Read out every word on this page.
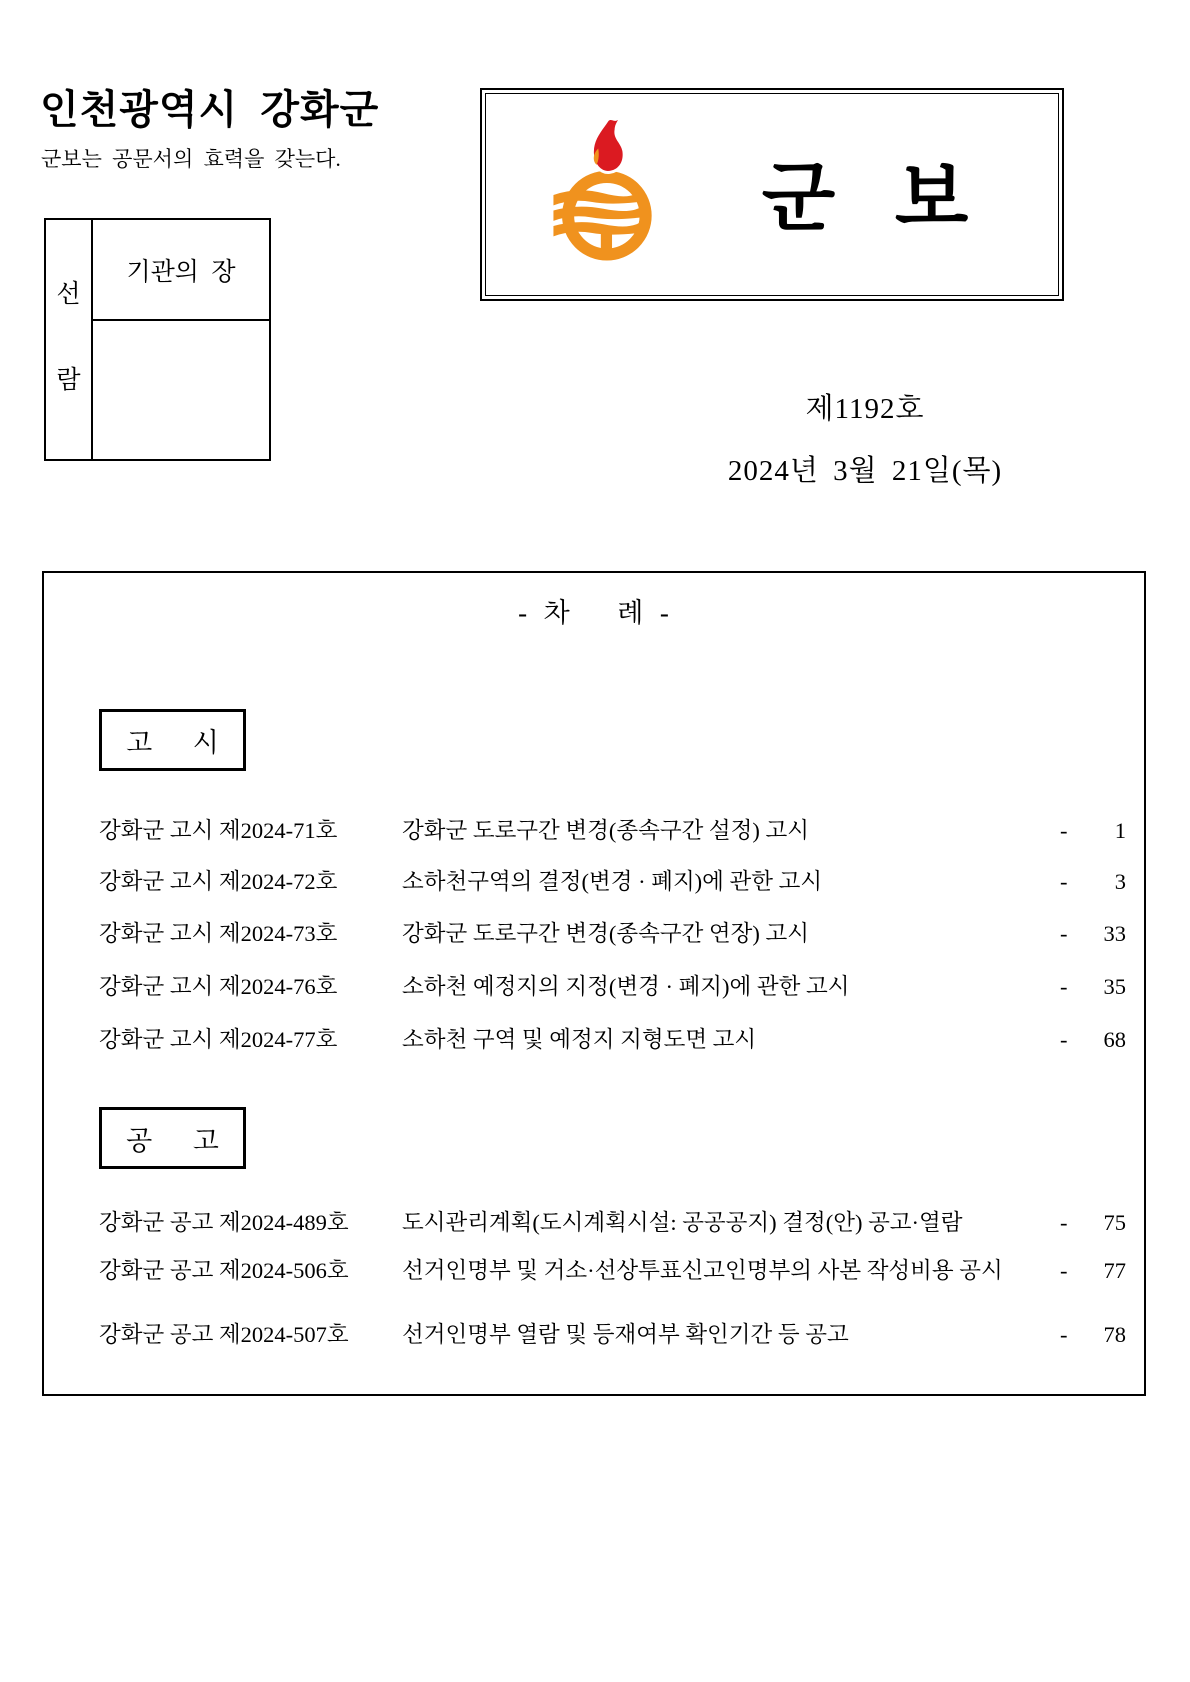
인천광역시 강화군
군보는 공문서의 효력을 갖는다.
선
람
기관의  장
군 보
제1192호
2024년 3월 21일(목)
-  차      례  -
고      시
강화군 고시 제2024-71호	강화군 도로구간 변경(종속구간 설정) 고시	- 1
강화군 고시 제2024-72호	소하천구역의 결정(변경 · 폐지)에 관한 고시	- 3
강화군 고시 제2024-73호	강화군 도로구간 변경(종속구간 연장) 고시	- 33
강화군 고시 제2024-76호	소하천 예정지의 지정(변경 · 폐지)에 관한 고시	- 35
강화군 고시 제2024-77호	소하천 구역 및 예정지 지형도면 고시	- 68
공      고
강화군 공고 제2024-489호	도시관리계획(도시계획시설: 공공공지) 결정(안) 공고·열람	- 75
강화군 공고 제2024-506호	선거인명부 및 거소·선상투표신고인명부의 사본 작성비용 공시	- 77
강화군 공고 제2024-507호	선거인명부 열람 및 등재여부 확인기간 등 공고	- 78
